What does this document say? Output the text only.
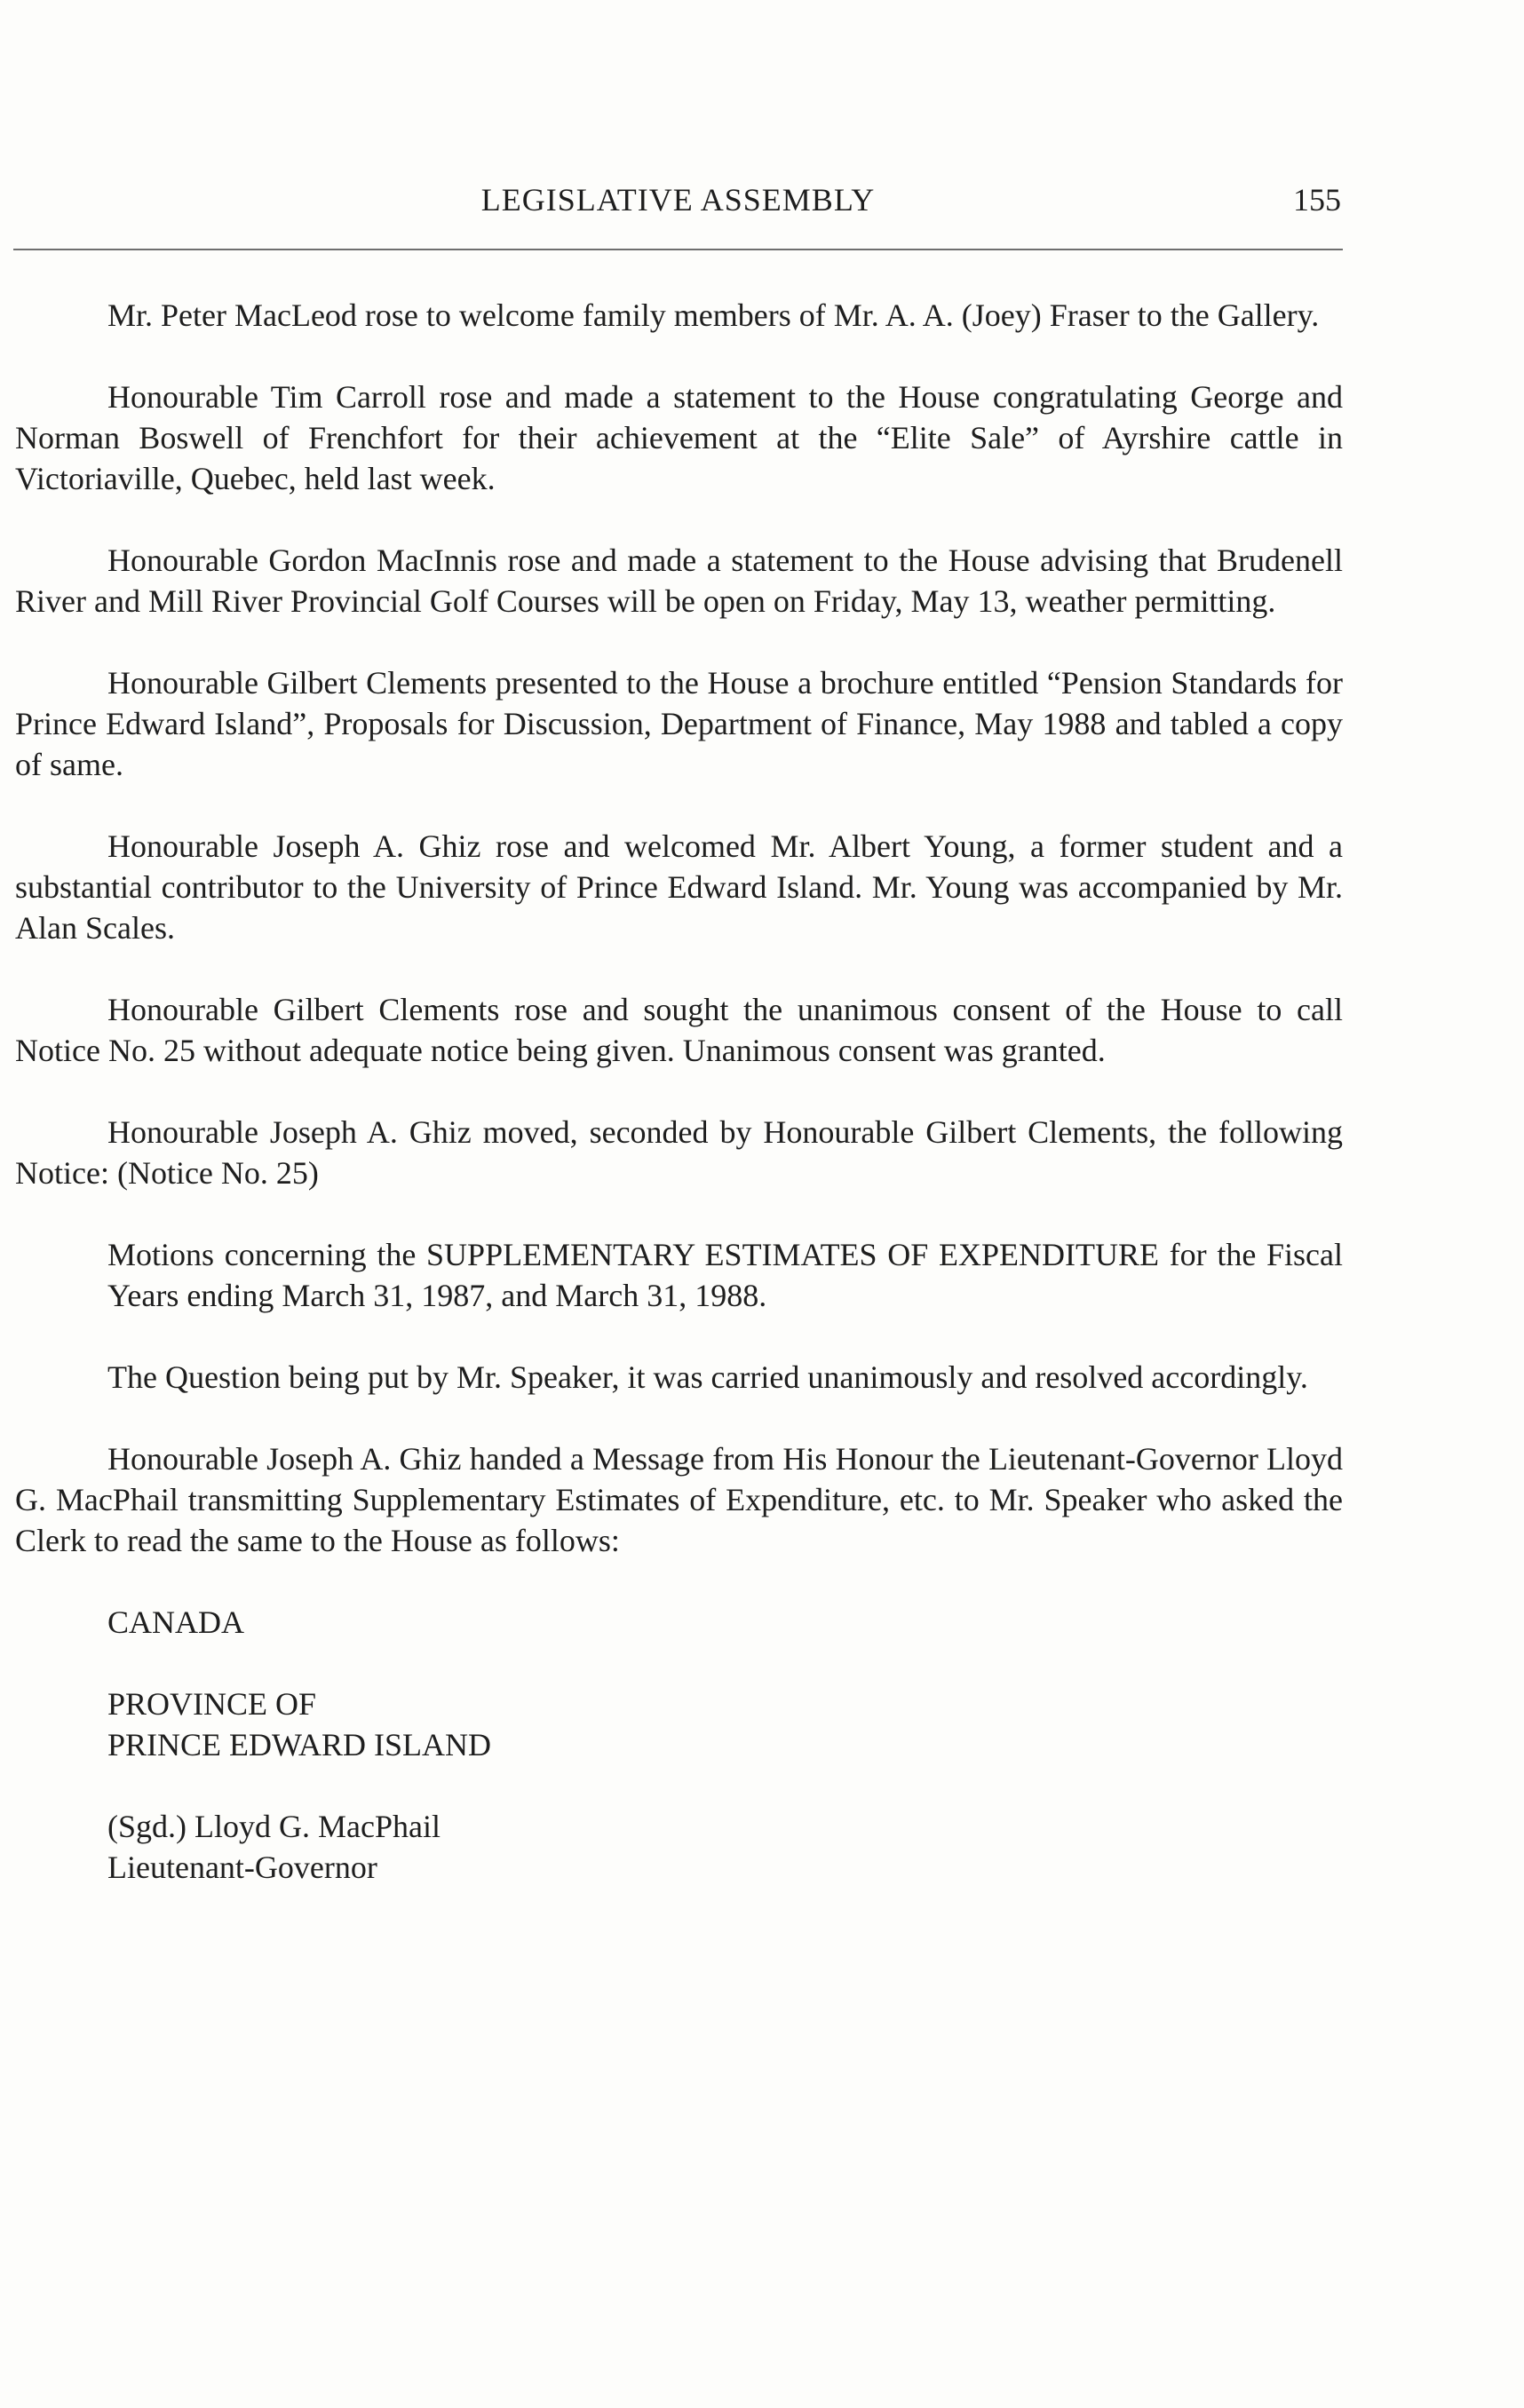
LEGISLATIVE ASSEMBLY	155

Mr. Peter MacLeod rose to welcome family members of Mr. A. A. (Joey) Fraser to the Gallery.

Honourable Tim Carroll rose and made a statement to the House congratulating George and Norman Boswell of Frenchfort for their achievement at the “Elite Sale” of Ayrshire cattle in Victoriaville, Quebec, held last week.

Honourable Gordon MacInnis rose and made a statement to the House advising that Brudenell River and Mill River Provincial Golf Courses will be open on Friday, May 13, weather permitting.

Honourable Gilbert Clements presented to the House a brochure entitled “Pension Standards for Prince Edward Island”, Proposals for Discussion, Department of Finance, May 1988 and tabled a copy of same.

Honourable Joseph A. Ghiz rose and welcomed Mr. Albert Young, a former student and a substantial contributor to the University of Prince Edward Island. Mr. Young was accompanied by Mr. Alan Scales.

Honourable Gilbert Clements rose and sought the unanimous consent of the House to call Notice No. 25 without adequate notice being given. Unanimous consent was granted.

Honourable Joseph A. Ghiz moved, seconded by Honourable Gilbert Clements, the following Notice: (Notice No. 25)

Motions concerning the SUPPLEMENTARY ESTIMATES OF EXPENDITURE for the Fiscal Years ending March 31, 1987, and March 31, 1988.

The Question being put by Mr. Speaker, it was carried unanimously and resolved accordingly.

Honourable Joseph A. Ghiz handed a Message from His Honour the Lieutenant-Governor Lloyd G. MacPhail transmitting Supplementary Estimates of Expenditure, etc. to Mr. Speaker who asked the Clerk to read the same to the House as follows:

CANADA
PROVINCE OF
PRINCE EDWARD ISLAND
(Sgd.) Lloyd G. MacPhail
Lieutenant-Governor
